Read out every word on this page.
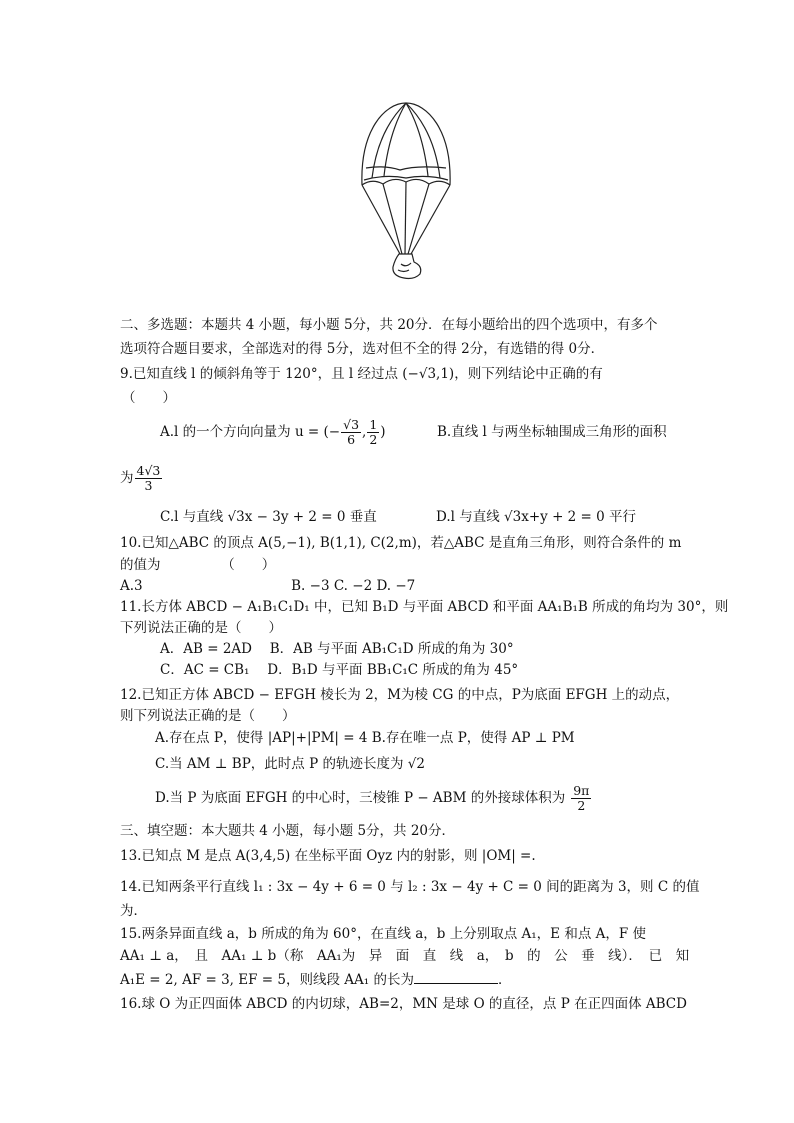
二、多选题：本题共 4 小题，每小题 5分，共 20分．在每小题给出的四个选项中，有多个
选项符合题目要求，全部选对的得 5分，选对但不全的得 2分，有选错的得 0分．
9.已知直线 l 的倾斜角等于 120°，且 l 经过点 (−√3,1)，则下列结论中正确的有
（　　）
A.l 的一个方向向量为 u = (− $\frac{√3}{6}$ , $\frac{1}{2}$ )	B.直线 l 与两坐标轴围成三角形的面积
为 $\frac{4√3}{3}$
C.l 与直线 √3x − 3y + 2 = 0 垂直	D.l 与直线 √3x+y + 2 = 0 平行
10.已知△ABC 的顶点 A(5,−1), B(1,1), C(2,m)，若△ABC 是直角三角形，则符合条件的 m
的值为　　　　　（　　）
A.3　　　　　　　　　　　B. −3 C. −2 D. −7
11.长方体 ABCD − A₁B₁C₁D₁ 中，已知 B₁D 与平面 ABCD 和平面 AA₁B₁B 所成的角均为 30°，则
下列说法正确的是（　　）
A．AB = 2AD　 B．AB 与平面 AB₁C₁D 所成的角为 30°
C．AC = CB₁　 D．B₁D 与平面 BB₁C₁C 所成的角为 45°
12.已知正方体 ABCD − EFGH 棱长为 2，M为棱 CG 的中点，P为底面 EFGH 上的动点，
则下列说法正确的是（　　）
A.存在点 P，使得 |AP|+|PM| = 4 B.存在唯一点 P，使得 AP ⊥ PM
C.当 AM ⊥ BP，此时点 P 的轨迹长度为 √2
D.当 P 为底面 EFGH 的中心时，三棱锥 P − ABM 的外接球体积为 $\frac{9\pi}{2}$
三、填空题：本大题共 4 小题，每小题 5分，共 20分．
13.已知点 M 是点 A(3,4,5) 在坐标平面 Oyz 内的射影，则 |OM| =.
14.已知两条平行直线 l₁ : 3x − 4y + 6 = 0 与 l₂ : 3x − 4y + C = 0 间的距离为 3，则 C 的值
为．
15.两条异面直线 a，b 所成的角为 60°，在直线 a，b 上分别取点 A₁，E 和点 A，F 使
AA₁ ⊥ a，　且　AA₁ ⊥ b（称　AA₁为　异　面　直　线　a，　b　的　公　垂　线）．　已　知
A₁E = 2, AF = 3, EF = 5，则线段 AA₁ 的长为	．
16.球 O 为正四面体 ABCD 的内切球，AB=2，MN 是球 O 的直径，点 P 在正四面体 ABCD
